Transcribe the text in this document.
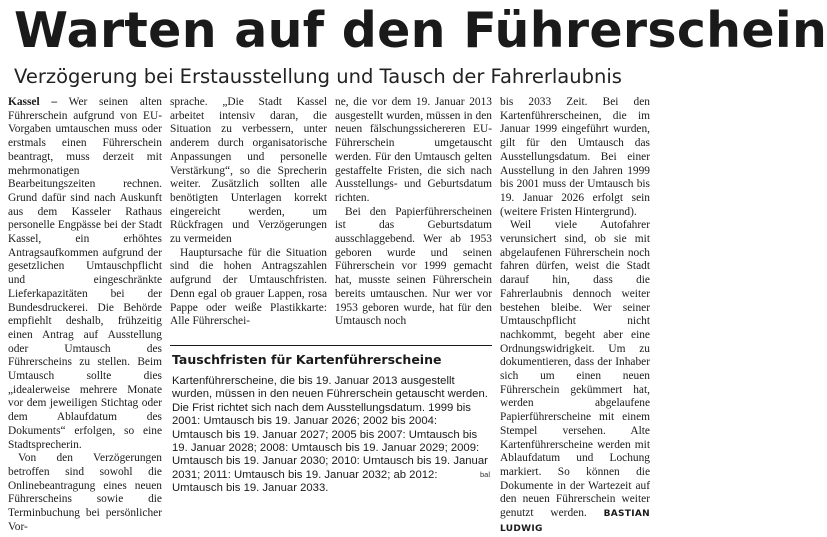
Warten auf den Führerschein
Verzögerung bei Erstausstellung und Tausch der Fahrerlaubnis

Kassel – Wer seinen alten Führerschein aufgrund von EU-Vorgaben umtauschen muss oder erstmals einen Führerschein beantragt, muss derzeit mit mehrmonatigen Bearbeitungszeiten rechnen. Grund dafür sind nach Auskunft aus dem Kasseler Rathaus personelle Engpässe bei der Stadt Kassel, ein erhöhtes Antragsaufkommen aufgrund der gesetzlichen Umtauschpflicht und eingeschränkte Lieferkapazitäten bei der Bundesdruckerei. Die Behörde empfiehlt deshalb, frühzeitig einen Antrag auf Ausstellung oder Umtausch des Führerscheins zu stellen. Beim Umtausch sollte dies „idealerweise mehrere Monate vor dem jeweiligen Stichtag oder dem Ablaufdatum des Dokuments“ erfolgen, so eine Stadtsprecherin.

Von den Verzögerungen betroffen sind sowohl die Onlinebeantragung eines neuen Führerscheins sowie die Terminbuchung bei persönlicher Vor-

sprache. „Die Stadt Kassel arbeitet intensiv daran, die Situation zu verbessern, unter anderem durch organisatorische Anpassungen und personelle Verstärkung“, so die Sprecherin weiter. Zusätzlich sollten alle benötigten Unterlagen korrekt eingereicht werden, um Rückfragen und Verzögerungen zu vermeiden

Hauptursache für die Situation sind die hohen Antragszahlen aufgrund der Umtauschfristen. Denn egal ob grauer Lappen, rosa Pappe oder weiße Plastikkarte: Alle Führerschei-

ne, die vor dem 19. Januar 2013 ausgestellt wurden, müssen in den neuen fälschungssichereren EU-Führerschein umgetauscht werden. Für den Umtausch gelten gestaffelte Fristen, die sich nach Ausstellungs- und Geburtsdatum richten.

Bei den Papierführerscheinen ist das Geburtsdatum ausschlaggebend. Wer ab 1953 geboren wurde und seinen Führerschein vor 1999 gemacht hat, musste seinen Führerschein bereits umtauschen. Nur wer vor 1953 geboren wurde, hat für den Umtausch noch

bis 2033 Zeit. Bei den Kartenführerscheinen, die im Januar 1999 eingeführt wurden, gilt für den Umtausch das Ausstellungsdatum. Bei einer Ausstellung in den Jahren 1999 bis 2001 muss der Umtausch bis 19. Januar 2026 erfolgt sein (weitere Fristen Hintergrund).

Weil viele Autofahrer verunsichert sind, ob sie mit abgelaufenen Führerschein noch fahren dürfen, weist die Stadt darauf hin, dass die Fahrerlaubnis dennoch weiter bestehen bleibe. Wer seiner Umtauschpflicht nicht nachkommt, begeht aber eine Ordnungswidrigkeit. Um zu dokumentieren, dass der Inhaber sich um einen neuen Führerschein gekümmert hat, werden abgelaufene Papierführerscheine mit einem Stempel versehen. Alte Kartenführerscheine werden mit Ablaufdatum und Lochung markiert. So können die Dokumente in der Wartezeit auf den neuen Führerschein weiter genutzt werden. BASTIAN LUDWIG

Tauschfristen für Kartenführerscheine
Kartenführerscheine, die bis 19. Januar 2013 ausgestellt wurden, müssen in den neuen Führerschein getauscht werden. Die Frist richtet sich nach dem Ausstellungsdatum. 1999 bis 2001: Umtausch bis 19. Januar 2026; 2002 bis 2004: Umtausch bis 19. Januar 2027; 2005 bis 2007: Umtausch bis 19. Januar 2028; 2008: Umtausch bis 19. Januar 2029; 2009: Umtausch bis 19. Januar 2030; 2010: Umtausch bis 19. Januar 2031; 2011: Umtausch bis 19. Januar 2032; ab 2012: Umtausch bis 19. Januar 2033.
bal
